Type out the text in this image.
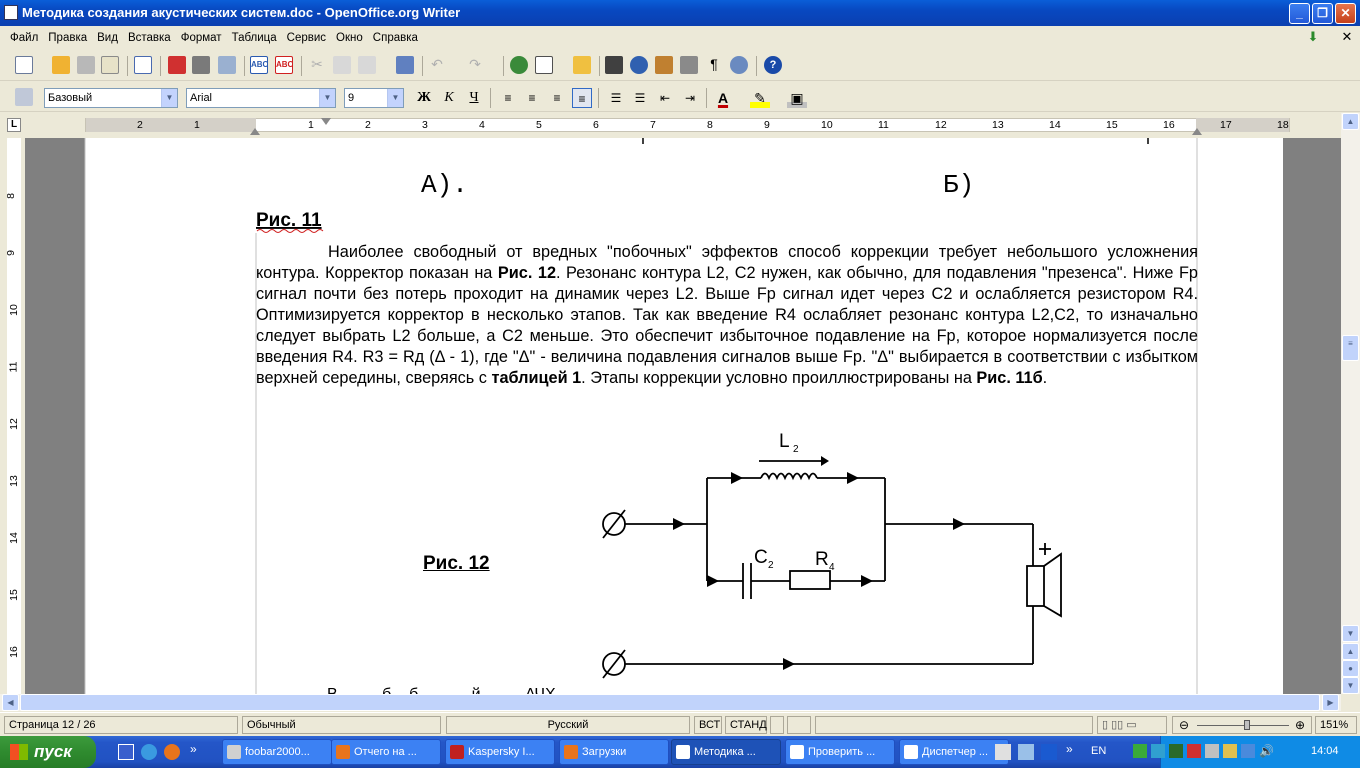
Методика создания акустических систем.doc - OpenOffice.org Writer	_	❐	✕
Файл Правка Вид Вставка Формат Таблица Сервис Окно Справка	⬇ ✕
ABC ABC ✂	↶ ↷	¶	?
Базовый	▼	Arial	▼	9	▼ Ж К	Ч	≡	≡	≡	≡	☰	☰	⇤	⇥	A	✎ ▣
L	2	1	1	2	3	4	5	6	7	8	9	10	11	12	13	14	15	16	17	18
8
9
10
11
12
13
14
15
16
А).	Б)
Рис. 11
Наиболее свободный от вредных "побочных" эффектов способ коррекции требует небольшого усложнения контура. Корректор показан на Рис. 12. Резонанс контура L2, C2 нужен, как обычно, для подавления "презенса". Ниже Fр сигнал почти без потерь проходит на динамик через L2. Выше Fр сигнал идет через C2 и ослабляется резистором R4. Оптимизируется корректор в несколько этапов. Так как введение R4 ослабляет резонанс контура L2,C2, то изначально следует выбрать L2 больше, а C2 меньше. Это обеспечит избыточное подавление на Fр, которое нормализуется после введения R4. R3 = Rд (Δ - 1), где "Δ" - величина подавления сигналов выше Fр. "Δ" выбирается в соответствии с избытком верхней середины, сверяясь с таблицей 1. Этапы коррекции условно проиллюстрированы на Рис. 11б.
Рис. 12
L 2
C 2 R 4
▲
≡
▼
▲
●
▼
◀	▶
Страница 12 / 26	Обычный	Русский	ВСТ СТАНД	▯ ▯▯ ▭	⊖	⊕	151%
пуск	»	foobar2000...	Отчего на ...	Kaspersky I...	Загрузки	Методика ...	Проверить ...	Диспетчер ...	» EN	🔊	14:04
